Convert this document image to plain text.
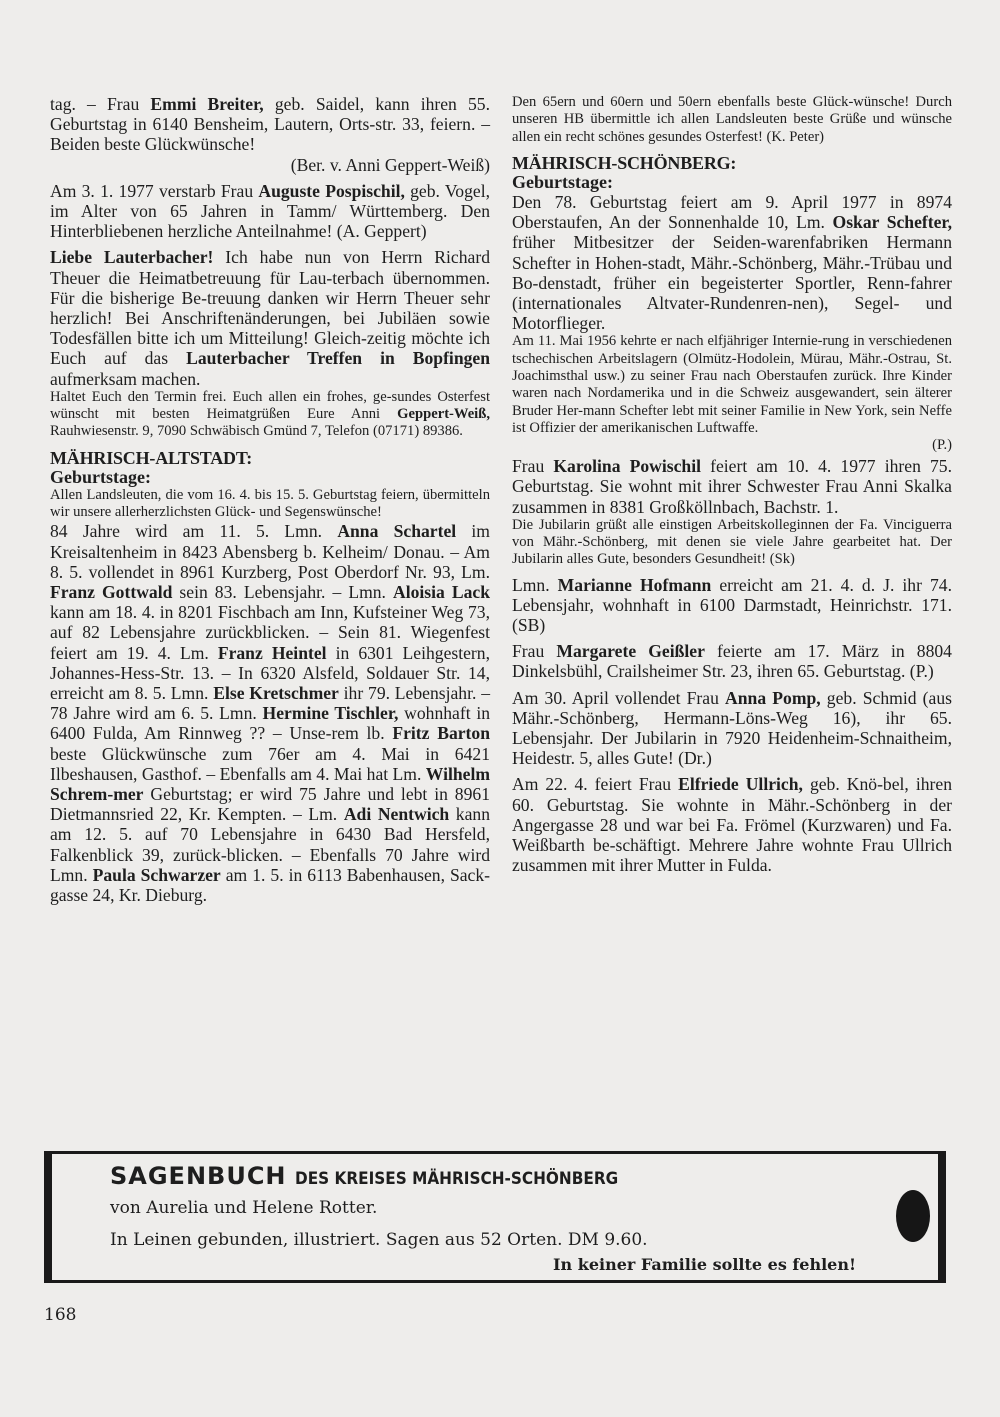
tag. – Frau Emmi Breiter, geb. Saidel, kann ihren 55. Geburtstag in 6140 Bensheim, Lautern, Orts-str. 33, feiern. – Beiden beste Glückwünsche!

(Ber. v. Anni Geppert-Weiß)

Am 3. 1. 1977 verstarb Frau Auguste Pospischil, geb. Vogel, im Alter von 65 Jahren in Tamm/ Württemberg. Den Hinterbliebenen herzliche Anteilnahme! (A. Geppert)

Liebe Lauterbacher! Ich habe nun von Herrn Richard Theuer die Heimatbetreuung für Lau-terbach übernommen. Für die bisherige Be-treuung danken wir Herrn Theuer sehr herzlich! Bei Anschriftenänderungen, bei Jubiläen sowie Todesfällen bitte ich um Mitteilung! Gleich-zeitig möchte ich Euch auf das Lauterbacher Treffen in Bopfingen aufmerksam machen.

Haltet Euch den Termin frei. Euch allen ein frohes, ge-sundes Osterfest wünscht mit besten Heimatgrüßen Eure Anni Geppert-Weiß, Rauhwiesenstr. 9, 7090 Schwäbisch Gmünd 7, Telefon (07171) 89386.

MÄHRISCH-ALTSTADT:
Geburtstage:

Allen Landsleuten, die vom 16. 4. bis 15. 5. Geburtstag feiern, übermitteln wir unsere allerherzlichsten Glück- und Segenswünsche!

84 Jahre wird am 11. 5. Lmn. Anna Schartel im Kreisaltenheim in 8423 Abensberg b. Kelheim/ Donau. – Am 8. 5. vollendet in 8961 Kurzberg, Post Oberdorf Nr. 93, Lm. Franz Gottwald sein 83. Lebensjahr. – Lmn. Aloisia Lack kann am 18. 4. in 8201 Fischbach am Inn, Kufsteiner Weg 73, auf 82 Lebensjahre zurückblicken. – Sein 81. Wiegenfest feiert am 19. 4. Lm. Franz Heintel in 6301 Leihgestern, Johannes-Hess-Str. 13. – In 6320 Alsfeld, Soldauer Str. 14, erreicht am 8. 5. Lmn. Else Kretschmer ihr 79. Lebensjahr. – 78 Jahre wird am 6. 5. Lmn. Hermine Tischler, wohnhaft in 6400 Fulda, Am Rinnweg ?? – Unse-rem lb. Fritz Barton beste Glückwünsche zum 76er am 4. Mai in 6421 Ilbeshausen, Gasthof. – Ebenfalls am 4. Mai hat Lm. Wilhelm Schrem-mer Geburtstag; er wird 75 Jahre und lebt in 8961 Dietmannsried 22, Kr. Kempten. – Lm. Adi Nentwich kann am 12. 5. auf 70 Lebensjahre in 6430 Bad Hersfeld, Falkenblick 39, zurück-blicken. – Ebenfalls 70 Jahre wird Lmn. Paula Schwarzer am 1. 5. in 6113 Babenhausen, Sack-gasse 24, Kr. Dieburg.

Den 65ern und 60ern und 50ern ebenfalls beste Glück-wünsche! Durch unseren HB übermittle ich allen Landsleuten beste Grüße und wünsche allen ein recht schönes gesundes Osterfest! (K. Peter)

MÄHRISCH-SCHÖNBERG:
Geburtstage:

Den 78. Geburtstag feiert am 9. April 1977 in 8974 Oberstaufen, An der Sonnenhalde 10, Lm. Oskar Schefter, früher Mitbesitzer der Seiden-warenfabriken Hermann Schefter in Hohen-stadt, Mähr.-Schönberg, Mähr.-Trübau und Bo-denstadt, früher ein begeisterter Sportler, Renn-fahrer (internationales Altvater-Rundenren-nen), Segel- und Motorflieger.

Am 11. Mai 1956 kehrte er nach elfjähriger Internie-rung in verschiedenen tschechischen Arbeitslagern (Olmütz-Hodolein, Mürau, Mähr.-Ostrau, St. Joachimsthal usw.) zu seiner Frau nach Oberstaufen zurück. Ihre Kinder waren nach Nordamerika und in die Schweiz ausgewandert, sein älterer Bruder Her-mann Schefter lebt mit seiner Familie in New York, sein Neffe ist Offizier der amerikanischen Luftwaffe.

(P.)

Frau Karolina Powischil feiert am 10. 4. 1977 ihren 75. Geburtstag. Sie wohnt mit ihrer Schwester Frau Anni Skalka zusammen in 8381 Großköllnbach, Bachstr. 1.

Die Jubilarin grüßt alle einstigen Arbeitskolleginnen der Fa. Vinciguerra von Mähr.-Schönberg, mit denen sie viele Jahre gearbeitet hat. Der Jubilarin alles Gute, besonders Gesundheit! (Sk)

Lmn. Marianne Hofmann erreicht am 21. 4. d. J. ihr 74. Lebensjahr, wohnhaft in 6100 Darmstadt, Heinrichstr. 171. (SB)

Frau Margarete Geißler feierte am 17. März in 8804 Dinkelsbühl, Crailsheimer Str. 23, ihren 65. Geburtstag. (P.)

Am 30. April vollendet Frau Anna Pomp, geb. Schmid (aus Mähr.-Schönberg, Hermann-Löns-Weg 16), ihr 65. Lebensjahr. Der Jubilarin in 7920 Heidenheim-Schnaitheim, Heidestr. 5, alles Gute! (Dr.)

Am 22. 4. feiert Frau Elfriede Ullrich, geb. Knö-bel, ihren 60. Geburtstag. Sie wohnte in Mähr.-Schönberg in der Angergasse 28 und war bei Fa. Frömel (Kurzwaren) und Fa. Weißbarth be-schäftigt. Mehrere Jahre wohnte Frau Ullrich zusammen mit ihrer Mutter in Fulda.

SAGENBUCH DES KREISES MÄHRISCH-SCHÖNBERG
von Aurelia und Helene Rotter.
In Leinen gebunden, illustriert. Sagen aus 52 Orten. DM 9.60.
In keiner Familie sollte es fehlen!
168
